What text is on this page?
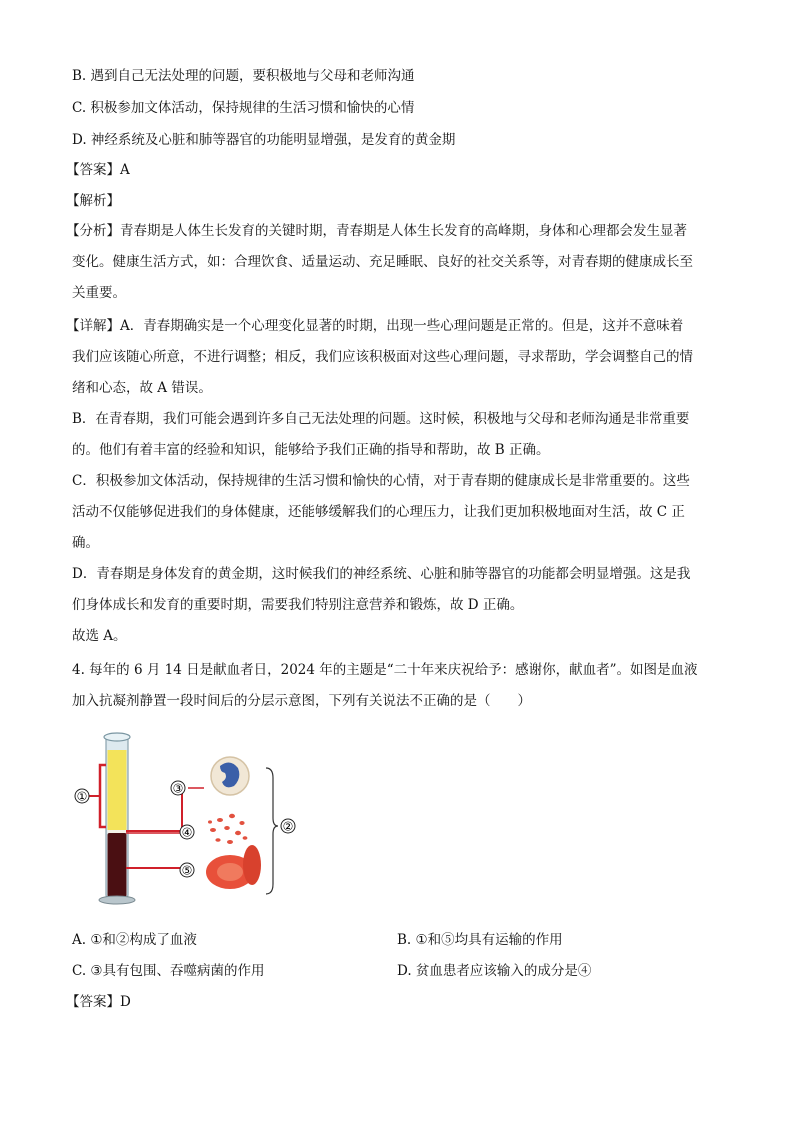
B. 遇到自己无法处理的问题，要积极地与父母和老师沟通
C. 积极参加文体活动，保持规律的生活习惯和愉快的心情
D. 神经系统及心脏和肺等器官的功能明显增强，是发育的黄金期
【答案】A
【解析】
【分析】青春期是人体生长发育的关键时期，青春期是人体生长发育的高峰期，身体和心理都会发生显著
变化。健康生活方式，如：合理饮食、适量运动、充足睡眠、良好的社交关系等，对青春期的健康成长至
关重要。
【详解】A．青春期确实是一个心理变化显著的时期，出现一些心理问题是正常的。但是，这并不意味着
我们应该随心所意，不进行调整；相反，我们应该积极面对这些心理问题，寻求帮助，学会调整自己的情
绪和心态，故 A 错误。
B．在青春期，我们可能会遇到许多自己无法处理的问题。这时候，积极地与父母和老师沟通是非常重要
的。他们有着丰富的经验和知识，能够给予我们正确的指导和帮助，故 B 正确。
C．积极参加文体活动，保持规律的生活习惯和愉快的心情，对于青春期的健康成长是非常重要的。这些
活动不仅能够促进我们的身体健康，还能够缓解我们的心理压力，让我们更加积极地面对生活，故 C 正
确。
D．青春期是身体发育的黄金期，这时候我们的神经系统、心脏和肺等器官的功能都会明显增强。这是我
们身体成长和发育的重要时期，需要我们特别注意营养和锻炼，故 D 正确。
故选 A。
4. 每年的 6 月 14 日是献血者日，2024 年的主题是“二十年来庆祝给予：感谢你，献血者”。如图是血液
加入抗凝剂静置一段时间后的分层示意图，下列有关说法不正确的是（　　）
①
③
④
⑤
②
A. ①和②构成了血液	B. ①和⑤均具有运输的作用
C. ③具有包围、吞噬病菌的作用	D. 贫血患者应该输入的成分是④
【答案】D
